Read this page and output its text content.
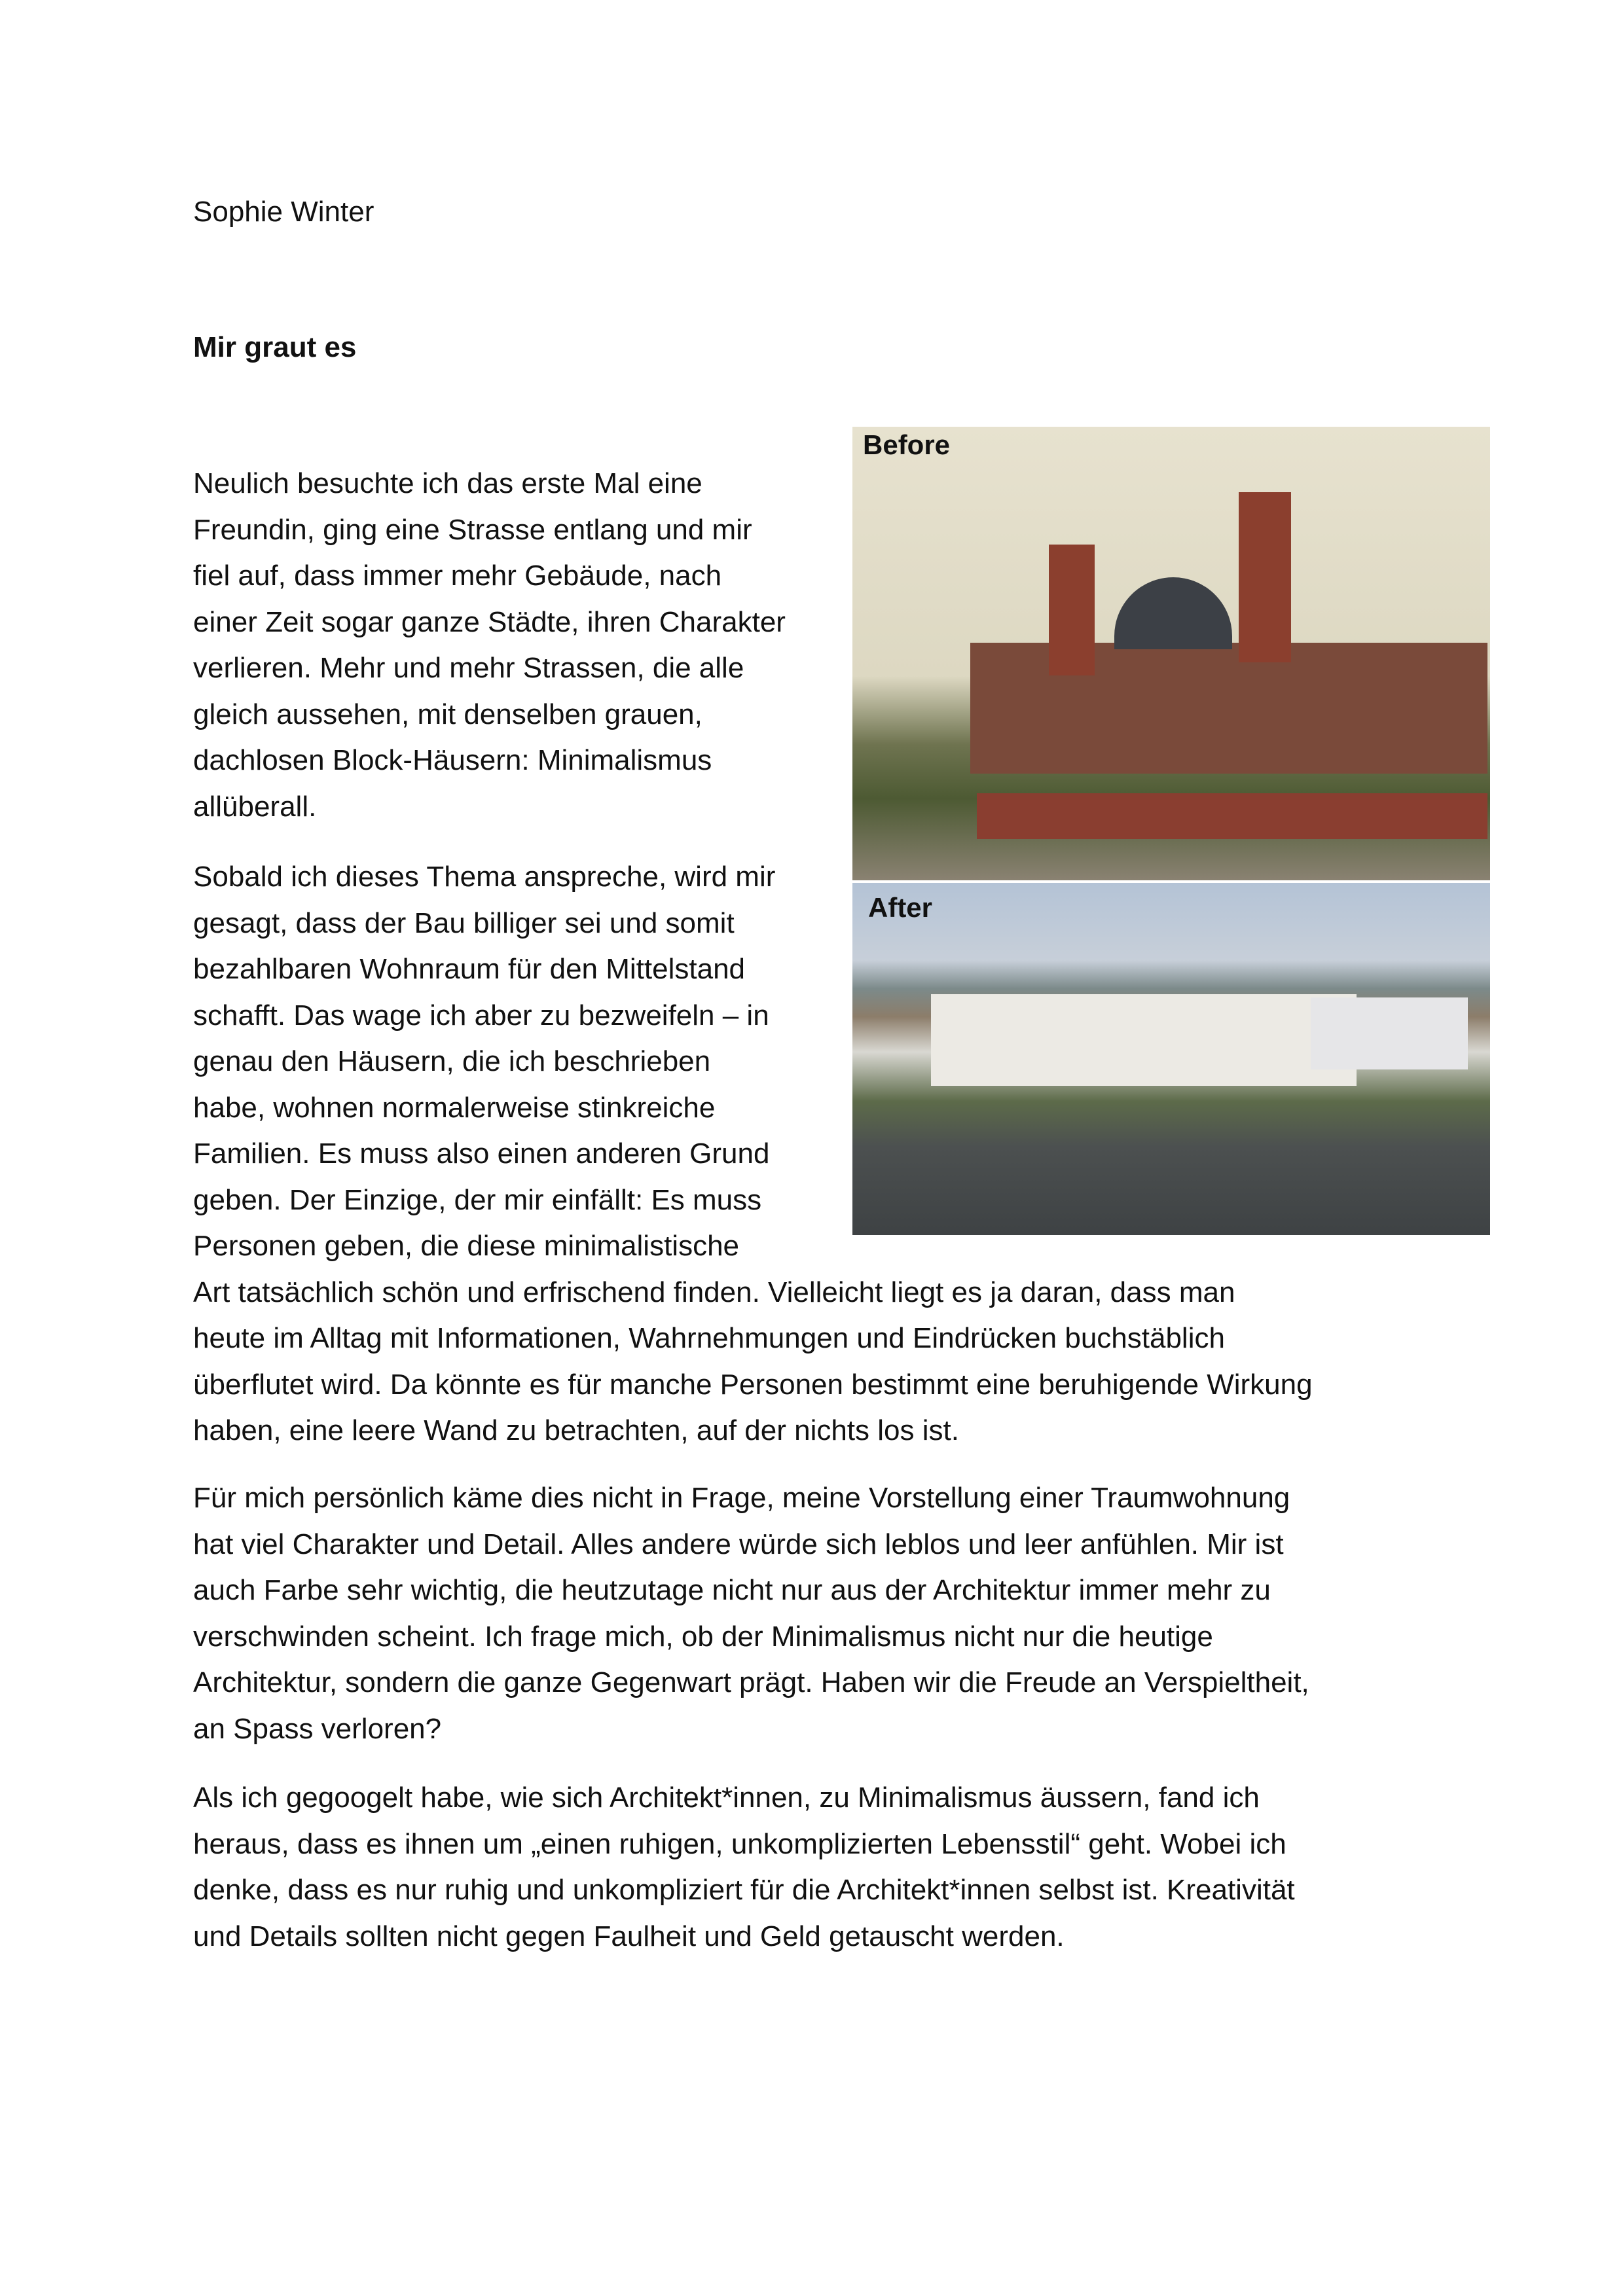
Sophie Winter
Mir graut es
Before
After
Neulich besuchte ich das erste Mal eine
Freundin, ging eine Strasse entlang und mir
fiel auf, dass immer mehr Gebäude, nach
einer Zeit sogar ganze Städte, ihren Charakter
verlieren. Mehr und mehr Strassen, die alle
gleich aussehen, mit denselben grauen,
dachlosen Block-Häusern: Minimalismus
allüberall.
Sobald ich dieses Thema anspreche, wird mir
gesagt, dass der Bau billiger sei und somit
bezahlbaren Wohnraum für den Mittelstand
schafft. Das wage ich aber zu bezweifeln – in
genau den Häusern, die ich beschrieben
habe, wohnen normalerweise stinkreiche
Familien. Es muss also einen anderen Grund
geben. Der Einzige, der mir einfällt: Es muss
Personen geben, die diese minimalistische
Art tatsächlich schön und erfrischend finden. Vielleicht liegt es ja daran, dass man
heute im Alltag mit Informationen, Wahrnehmungen und Eindrücken buchstäblich
überflutet wird. Da könnte es für manche Personen bestimmt eine beruhigende Wirkung
haben, eine leere Wand zu betrachten, auf der nichts los ist.
Für mich persönlich käme dies nicht in Frage, meine Vorstellung einer Traumwohnung
hat viel Charakter und Detail. Alles andere würde sich leblos und leer anfühlen. Mir ist
auch Farbe sehr wichtig, die heutzutage nicht nur aus der Architektur immer mehr zu
verschwinden scheint. Ich frage mich, ob der Minimalismus nicht nur die heutige
Architektur, sondern die ganze Gegenwart prägt. Haben wir die Freude an Verspieltheit,
an Spass verloren?
Als ich gegoogelt habe, wie sich Architekt*innen, zu Minimalismus äussern, fand ich
heraus, dass es ihnen um „einen ruhigen, unkomplizierten Lebensstil“ geht. Wobei ich
denke, dass es nur ruhig und unkompliziert für die Architekt*innen selbst ist. Kreativität
und Details sollten nicht gegen Faulheit und Geld getauscht werden.
